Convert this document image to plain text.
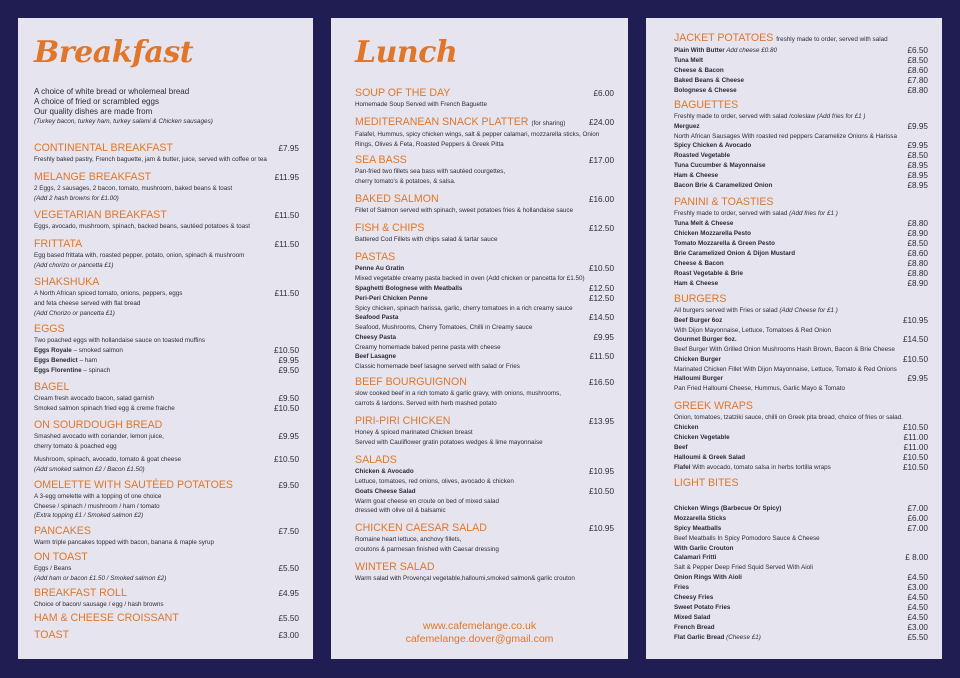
Breakfast
A choice of white bread or wholemeal bread
A choice of fried or scrambled eggs
Our quality dishes are made from
(Turkey bacon, turkey ham, turkey salami & Chicken sausages)
CONTINENTAL BREAKFAST	£7.95
Freshly baked pastry, French baguette, jam & butter, juice, served with coffee or tea
MELANGE BREAKFAST	£11.95
2 Eggs, 2 sausages, 2 bacon, tomato, mushroom, baked beans & toast
(Add 2 hash browns for £1.00)
VEGETARIAN BREAKFAST	£11.50
Eggs, avocado, mushroom, spinach, backed beans, sautéed potatoes & toast
FRITTATA	£11.50
Egg based frittata with, roasted pepper, potato, onion, spinach & mushroom
(Add chorizo or pancetta £1)
SHAKSHUKA
A North African spiced tomato, onions, peppers, eggs	£11.50
and feta cheese served with flat bread
(Add Chorizo or pancetta £1)
EGGS
Two poached eggs with hollandaise sauce on toasted muffins
Eggs Royale – smoked salmon	£10.50
Eggs Benedict – ham	£9.95
Eggs Florentine – spinach	£9.50
BAGEL
Cream fresh avocado bacon, salad garnish	£9.50
Smoked salmon spinach fried egg & creme fraiche	£10.50
ON SOURDOUGH BREAD
Smashed avocado with coriander, lemon juice,	£9.95
cherry tomato & poached egg
Mushroom, spinach, avocado, tomato & goat cheese	£10.50
(Add smoked salmon £2 / Bacon £1.50)
OMELETTE WITH SAUTÉED POTATOES	£9.50
A 3-egg omelette with a topping of one choice
Cheese / spinach / mushroom / ham / tomato
(Extra topping £1 / Smoked salmon £2)
PANCAKES	£7.50
Warm triple pancakes topped with bacon, banana & maple syrup
ON TOAST
Eggs / Beans	£5.50
(Add ham or bacon £1.50 / Smoked salmon £2)
BREAKFAST ROLL	£4.95
Choice of bacon/ sausage / egg / hash browns
HAM & CHEESE CROISSANT	£5.50
TOAST	£3.00
Lunch
SOUP OF THE DAY	£6.00
Homemade Soup Served with French Baguette
MEDITERANEAN SNACK PLATTER (for sharing)	£24.00
Falafel, Hummus, spicy chicken wings, salt & pepper calamari, mozzarella sticks, Onion
Rings, Olives & Feta, Roasted Peppers & Greek Pitta
SEA BASS	£17.00
Pan-fried two fillets sea bass with sautéed courgettes,
cherry tomato's & potatoes, & salsa.
BAKED SALMON	£16.00
Fillet of Salmon served with spinach, sweet potatoes fries & hollandaise sauce
FISH & CHIPS	£12.50
Battered Cod Fillets with chips salad & tartar sauce
PASTAS
Penne Au Gratin	£10.50
Mixed vegetable creamy pasta backed in oven (Add chicken or pancetta for £1.50)
Spaghetti Bolognese with Meatballs	£12.50
Peri-Peri Chicken Penne	£12.50
Spicy chicken, spinach harissa, garlic, cherry tomatoes in a rich creamy sauce
Seafood Pasta	£14.50
Seafood, Mushrooms, Cherry Tomatoes, Chilli in Creamy sauce
Cheesy Pasta	£9.95
Creamy homemade baked penne pasta with cheese
Beef Lasagne	£11.50
Classic homemade beef lasagne served with salad or Fries
BEEF BOURGUIGNON	£16.50
slow cooked beef in a rich tomato & garlic gravy, with onions, mushrooms,
carrots & lardons. Served with herb mashed potato
PIRI-PIRI CHICKEN	£13.95
Honey & spiced marinated Chicken breast
Served with Cauliflower gratin potatoes wedges & lime mayonnaise
SALADS
Chicken & Avocado	£10.95
Lettuce, tomatoes, red onions, olives, avocado & chicken
Goats Cheese Salad	£10.50
Warm goat cheese en croute on bed of mixed salad
dressed with olive oil & balsamic
CHICKEN CAESAR SALAD	£10.95
Romaine heart lettuce, anchovy fillets,
croutons & parmesan finished with Caesar dressing
WINTER SALAD
Warm salad with Provençal vegetable,halloumi,smoked salmon& garlic crouton
www.cafemelange.co.uk
cafemelange.dover@gmail.com
JACKET POTATOES freshly made to order, served with salad
Plain With Butter Add cheese £0.80	£6.50
Tuna Melt	£8.50
Cheese & Bacon	£8.60
Baked Beans & Cheese	£7.80
Bolognese & Cheese	£8.80
BAGUETTES
Freshly made to order, served with salad /coleslaw (Add fries for £1 )
Merguez	£9.95
North African Sausages With roasted red peppers Caramelize Onions & Harissa
Spicy Chicken & Avocado	£9.95
Roasted Vegetable	£8.50
Tuna Cucumber & Mayonnaise	£8.95
Ham & Cheese	£8.95
Bacon Brie & Caramelized Onion	£8.95
PANINI & TOASTIES
Freshly made to order, served with salad (Add fries for £1 )
Tuna Melt & Cheese	£8.80
Chicken Mozzarella Pesto	£8.90
Tomato Mozzarella & Green Pesto	£8.50
Brie Caramelized Onion & Dijon Mustard	£8.60
Cheese & Bacon	£8.80
Roast Vegetable & Brie	£8.80
Ham & Cheese	£8.90
BURGERS
All burgers served with Fries or salad (Add Cheese for £1 )
Beef Burger 6oz	£10.95
With Dijon Mayonnaise, Lettuce, Tomatoes & Red Onion
Gourmet Burger 6oz.	£14.50
Beef Burger With Grilled Onion Mushrooms Hash Brown, Bacon & Brie Cheese
Chicken Burger	£10.50
Marinated Chicken Fillet With Dijon Mayonnaise, Lettuce, Tomato & Red Onions
Halloumi Burger	£9.95
Pan Fried Halloumi Cheese, Hummus, Garlic Mayo & Tomato
GREEK WRAPS
Onion, tomatoes, tzatziki sauce, chilli on Greek pita bread, choice of fries or salad.
Chicken	£10.50
Chicken Vegetable	£11.00
Beef	£11.00
Halloumi & Greek Salad	£10.50
Flafel With avocado, tomato salsa in herbs tortilla wraps	£10.50
LIGHT BITES
Chicken Wings (Barbecue Or Spicy)	£7.00
Mozzarella Sticks	£6.00
Spicy Meatballs	£7.00
Beef Meatballs In Spicy Pomodoro Sauce & Cheese
With Garlic Crouton
Calamari Fritti	£ 8.00
Salt & Pepper Deep Fried Squid Served With Aioli
Onion Rings With Aioli	£4.50
Fries	£3.00
Cheesy Fries	£4.50
Sweet Potato Fries	£4.50
Mixed Salad	£4.50
French Bread	£3.00
Flat Garlic Bread (Cheese £1)	£5.50
